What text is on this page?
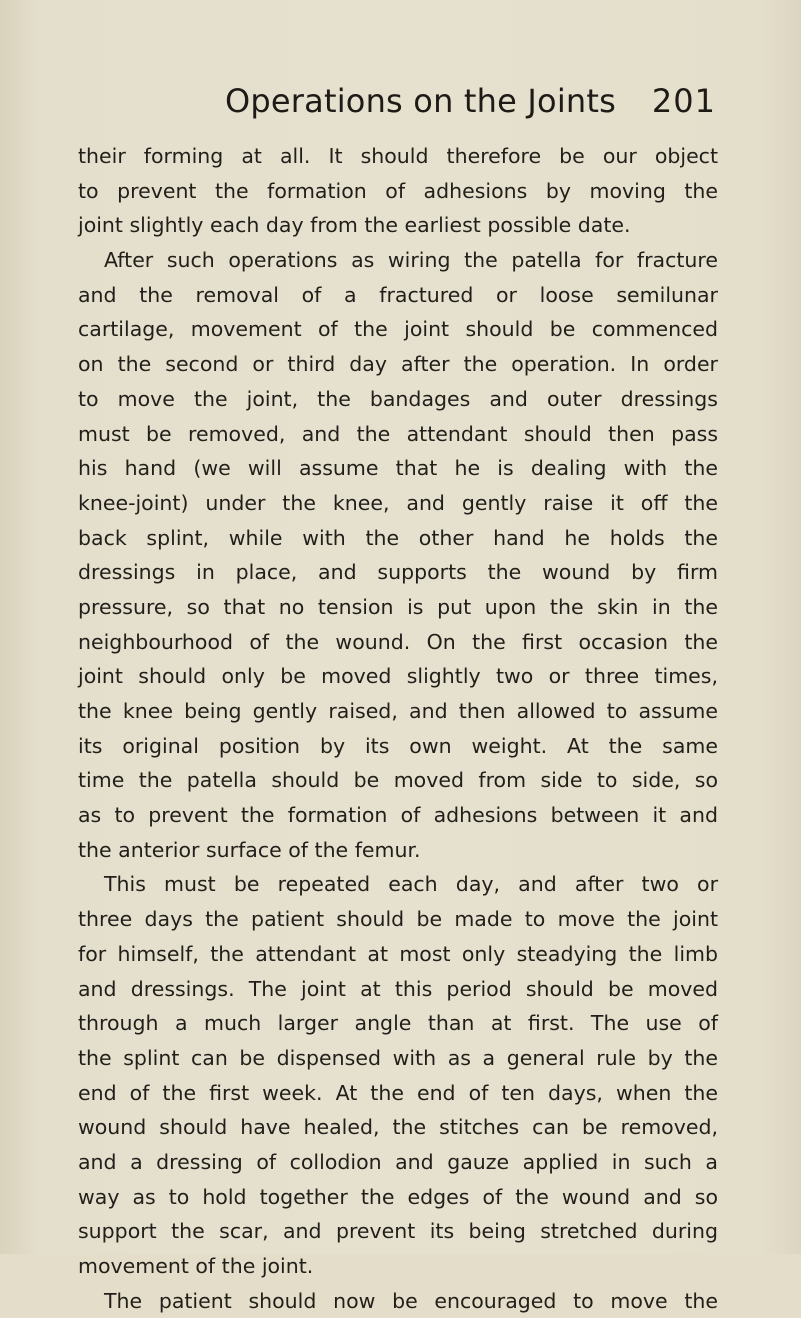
Operations on the Joints 201
their forming at all. It should therefore be our object
to prevent the formation of adhesions by moving the
joint slightly each day from the earliest possible date.
After such operations as wiring the patella for fracture
and the removal of a fractured or loose semilunar
cartilage, movement of the joint should be commenced
on the second or third day after the operation. In order
to move the joint, the bandages and outer dressings
must be removed, and the attendant should then pass
his hand (we will assume that he is dealing with the
knee-joint) under the knee, and gently raise it off the
back splint, while with the other hand he holds the
dressings in place, and supports the wound by firm
pressure, so that no tension is put upon the skin in the
neighbourhood of the wound. On the first occasion the
joint should only be moved slightly two or three times,
the knee being gently raised, and then allowed to assume
its original position by its own weight. At the same
time the patella should be moved from side to side, so
as to prevent the formation of adhesions between it and
the anterior surface of the femur.
This must be repeated each day, and after two or
three days the patient should be made to move the joint
for himself, the attendant at most only steadying the limb
and dressings. The joint at this period should be moved
through a much larger angle than at first. The use of
the splint can be dispensed with as a general rule by the
end of the first week. At the end of ten days, when the
wound should have healed, the stitches can be removed,
and a dressing of collodion and gauze applied in such a
way as to hold together the edges of the wound and so
support the scar, and prevent its being stretched during
movement of the joint.
The patient should now be encouraged to move the
